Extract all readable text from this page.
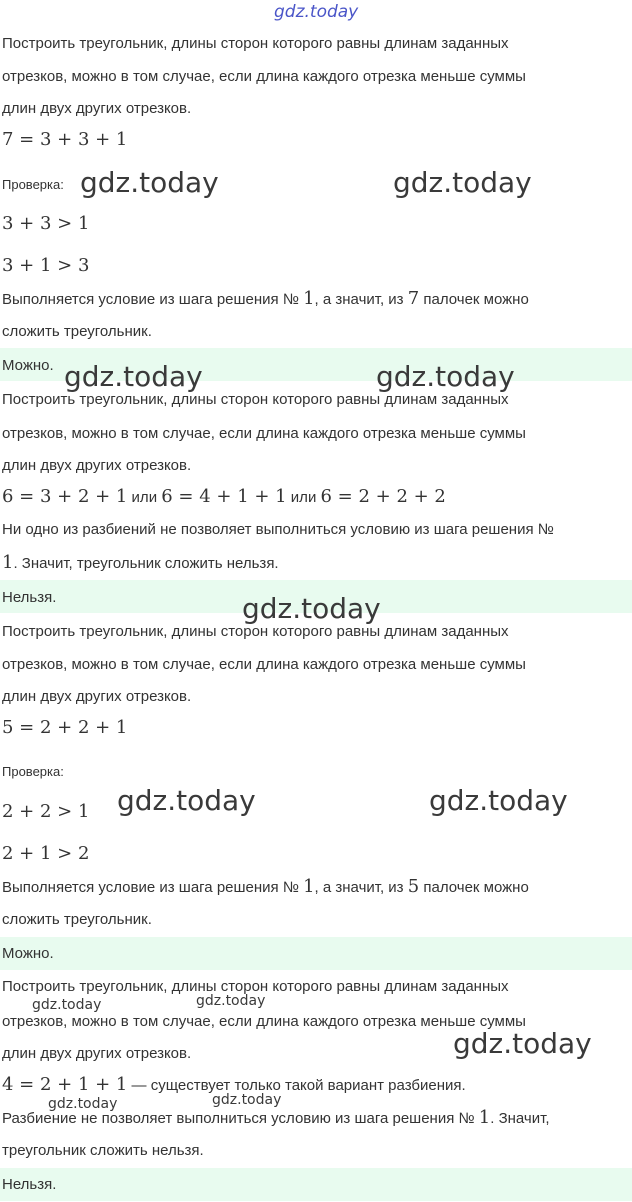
gdz.today
Построить треугольник, длины сторон которого равны длинам заданных
отрезков, можно в том случае, если длина каждого отрезка меньше суммы
длин двух других отрезков.
7 = 3 + 3 + 1
Проверка: gdz.today	gdz.today
3 + 3 > 1
3 + 1 > 3
Выполняется условие из шага решения № 1, а значит, из 7 палочек можно
сложить треугольник.
Можно. gdz.today	gdz.today
Построить треугольник, длины сторон которого равны длинам заданных
отрезков, можно в том случае, если длина каждого отрезка меньше суммы
длин двух других отрезков.
6 = 3 + 2 + 1 или 6 = 4 + 1 + 1 или 6 = 2 + 2 + 2
Ни одно из разбиений не позволяет выполниться условию из шага решения №
1. Значит, треугольник сложить нельзя.
Нельзя.	gdz.today
Построить треугольник, длины сторон которого равны длинам заданных
отрезков, можно в том случае, если длина каждого отрезка меньше суммы
длин двух других отрезков.
5 = 2 + 2 + 1
Проверка:
2 + 2 > 1 gdz.today	gdz.today
2 + 1 > 2
Выполняется условие из шага решения № 1, а значит, из 5 палочек можно
сложить треугольник.
Можно.
Построить треугольник, длины сторон которого равны длинам заданных
gdz.today	gdz.today
отрезков, можно в том случае, если длина каждого отрезка меньше суммы
gdz.today
длин двух других отрезков.
4 = 2 + 1 + 1 — существует только такой вариант разбиения.
gdz.today	gdz.today
Разбиение не позволяет выполниться условию из шага решения № 1. Значит,
треугольник сложить нельзя.
Нельзя.
